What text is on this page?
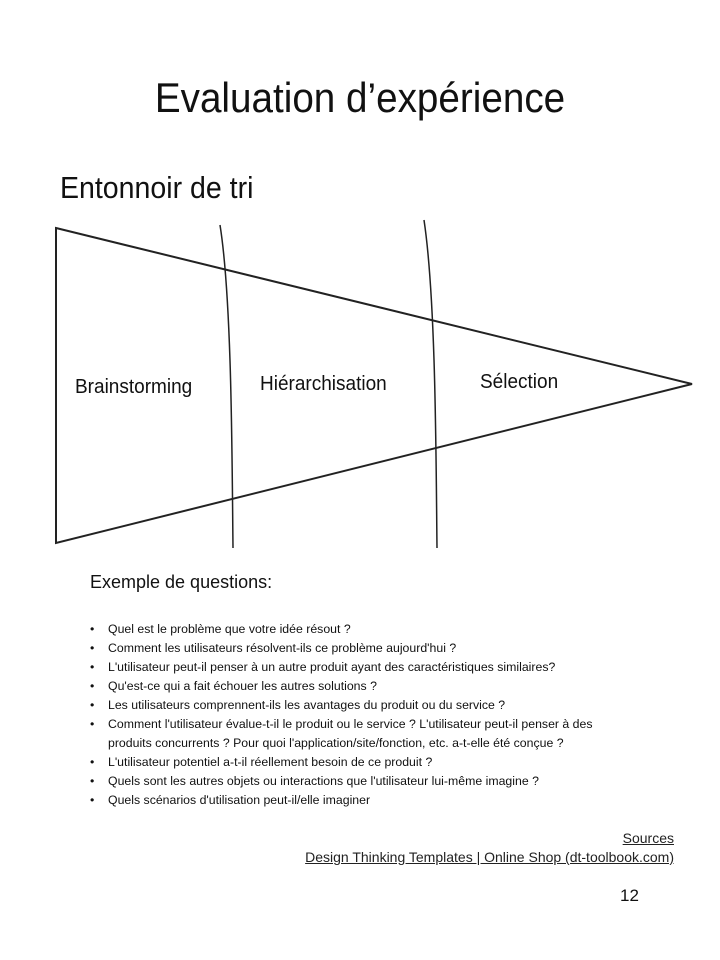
Evaluation d’expérience
Entonnoir de tri
Brainstorming	Hiérarchisation	Sélection
Exemple de questions:
• Quel est le problème que votre idée résout ?
• Comment les utilisateurs résolvent-ils ce problème aujourd'hui ?
• L'utilisateur peut-il penser à un autre produit ayant des caractéristiques similaires?
• Qu'est-ce qui a fait échouer les autres solutions ?
• Les utilisateurs comprennent-ils les avantages du produit ou du service ?
• Comment l'utilisateur évalue-t-il le produit ou le service ? L'utilisateur peut-il penser à des produits concurrents ? Pour quoi l'application/site/fonction, etc. a-t-elle été conçue ?
• L'utilisateur potentiel a-t-il réellement besoin de ce produit ?
• Quels sont les autres objets ou interactions que l'utilisateur lui-même imagine ?
• Quels scénarios d'utilisation peut-il/elle imaginer
Sources
Design Thinking Templates | Online Shop (dt-toolbook.com)
12
